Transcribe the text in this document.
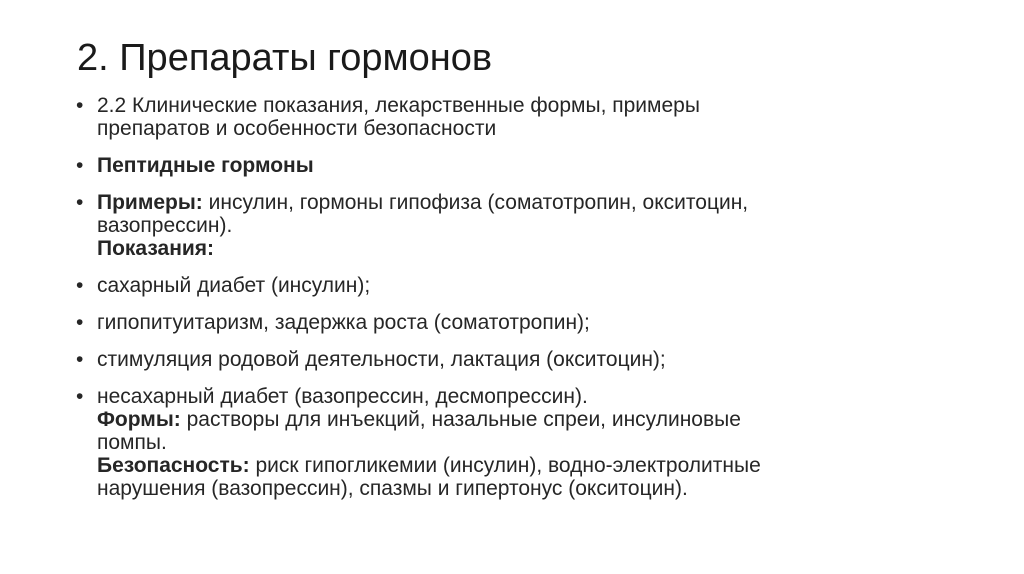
2. Препараты гормонов
• 2.2 Клинические показания, лекарственные формы, примеры
препаратов и особенности безопасности
• Пептидные гормоны
• Примеры: инсулин, гормоны гипофиза (соматотропин, окситоцин,
вазопрессин).
Показания:
• сахарный диабет (инсулин);
• гипопитуитаризм, задержка роста (соматотропин);
• стимуляция родовой деятельности, лактация (окситоцин);
• несахарный диабет (вазопрессин, десмопрессин).
Формы: растворы для инъекций, назальные спреи, инсулиновые
помпы.
Безопасность: риск гипогликемии (инсулин), водно-электролитные
нарушения (вазопрессин), спазмы и гипертонус (окситоцин).
